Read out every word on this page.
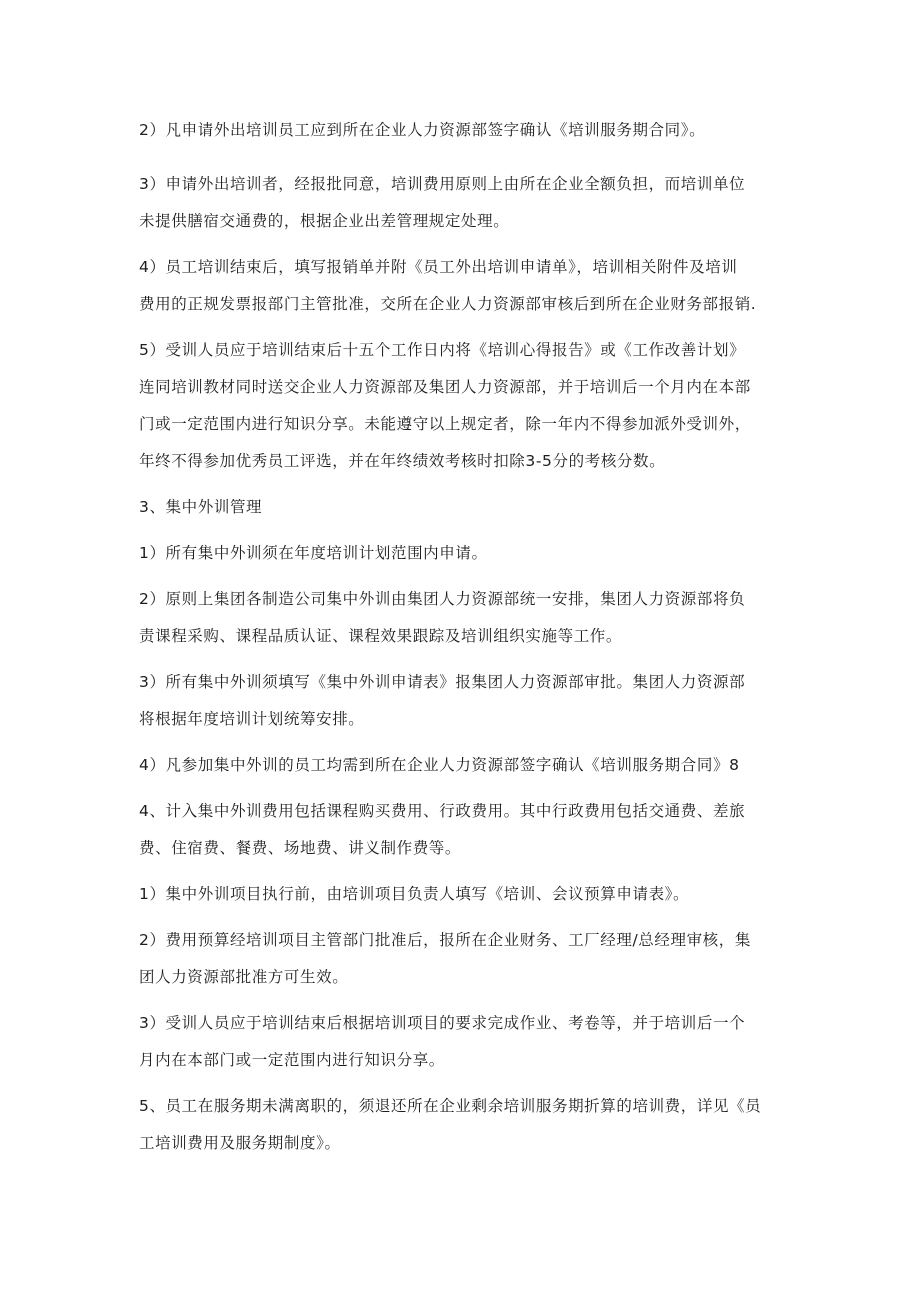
2）凡申请外出培训员工应到所在企业人力资源部签字确认《培训服务期合同》。

3）申请外出培训者，经报批同意，培训费用原则上由所在企业全额负担，而培训单位
未提供膳宿交通费的，根据企业出差管理规定处理。

4）员工培训结束后，填写报销单并附《员工外出培训申请单》，培训相关附件及培训
费用的正规发票报部门主管批准，交所在企业人力资源部审核后到所在企业财务部报销.

5）受训人员应于培训结束后十五个工作日内将《培训心得报告》或《工作改善计划》
连同培训教材同时送交企业人力资源部及集团人力资源部，并于培训后一个月内在本部
门或一定范围内进行知识分享。未能遵守以上规定者，除一年内不得参加派外受训外，
年终不得参加优秀员工评选，并在年终绩效考核时扣除3-5分的考核分数。

3、集中外训管理

1）所有集中外训须在年度培训计划范围内申请。

2）原则上集团各制造公司集中外训由集团人力资源部统一安排，集团人力资源部将负
责课程采购、课程品质认证、课程效果跟踪及培训组织实施等工作。

3）所有集中外训须填写《集中外训申请表》报集团人力资源部审批。集团人力资源部
将根据年度培训计划统筹安排。

4）凡参加集中外训的员工均需到所在企业人力资源部签字确认《培训服务期合同》8

4、计入集中外训费用包括课程购买费用、行政费用。其中行政费用包括交通费、差旅
费、住宿费、餐费、场地费、讲义制作费等。

1）集中外训项目执行前，由培训项目负责人填写《培训、会议预算申请表》。

2）费用预算经培训项目主管部门批准后，报所在企业财务、工厂经理/总经理审核，集
团人力资源部批准方可生效。

3）受训人员应于培训结束后根据培训项目的要求完成作业、考卷等，并于培训后一个
月内在本部门或一定范围内进行知识分享。

5、员工在服务期未满离职的，须退还所在企业剩余培训服务期折算的培训费，详见《员
工培训费用及服务期制度》。
